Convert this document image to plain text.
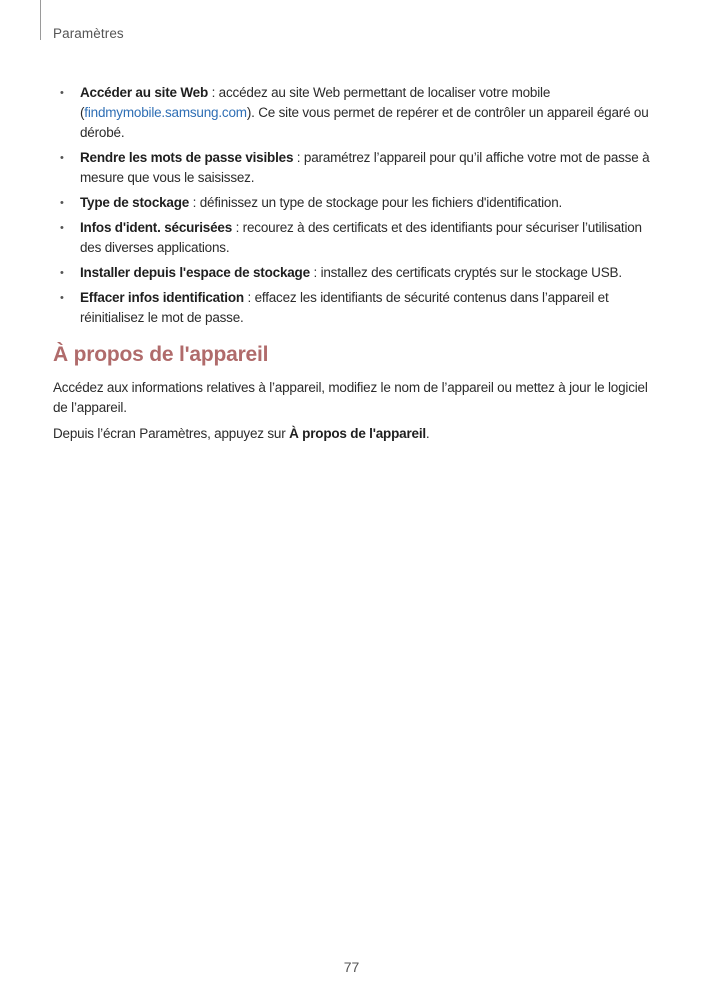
Paramètres
• Accéder au site Web : accédez au site Web permettant de localiser votre mobile (findmymobile.samsung.com). Ce site vous permet de repérer et de contrôler un appareil égaré ou dérobé.
• Rendre les mots de passe visibles : paramétrez l’appareil pour qu’il affiche votre mot de passe à mesure que vous le saisissez.
• Type de stockage : définissez un type de stockage pour les fichiers d'identification.
• Infos d'ident. sécurisées : recourez à des certificats et des identifiants pour sécuriser l’utilisation des diverses applications.
• Installer depuis l'espace de stockage : installez des certificats cryptés sur le stockage USB.
• Effacer infos identification : effacez les identifiants de sécurité contenus dans l’appareil et réinitialisez le mot de passe.
À propos de l'appareil

Accédez aux informations relatives à l’appareil, modifiez le nom de l’appareil ou mettez à jour le logiciel de l’appareil.

Depuis l’écran Paramètres, appuyez sur À propos de l'appareil.

77
